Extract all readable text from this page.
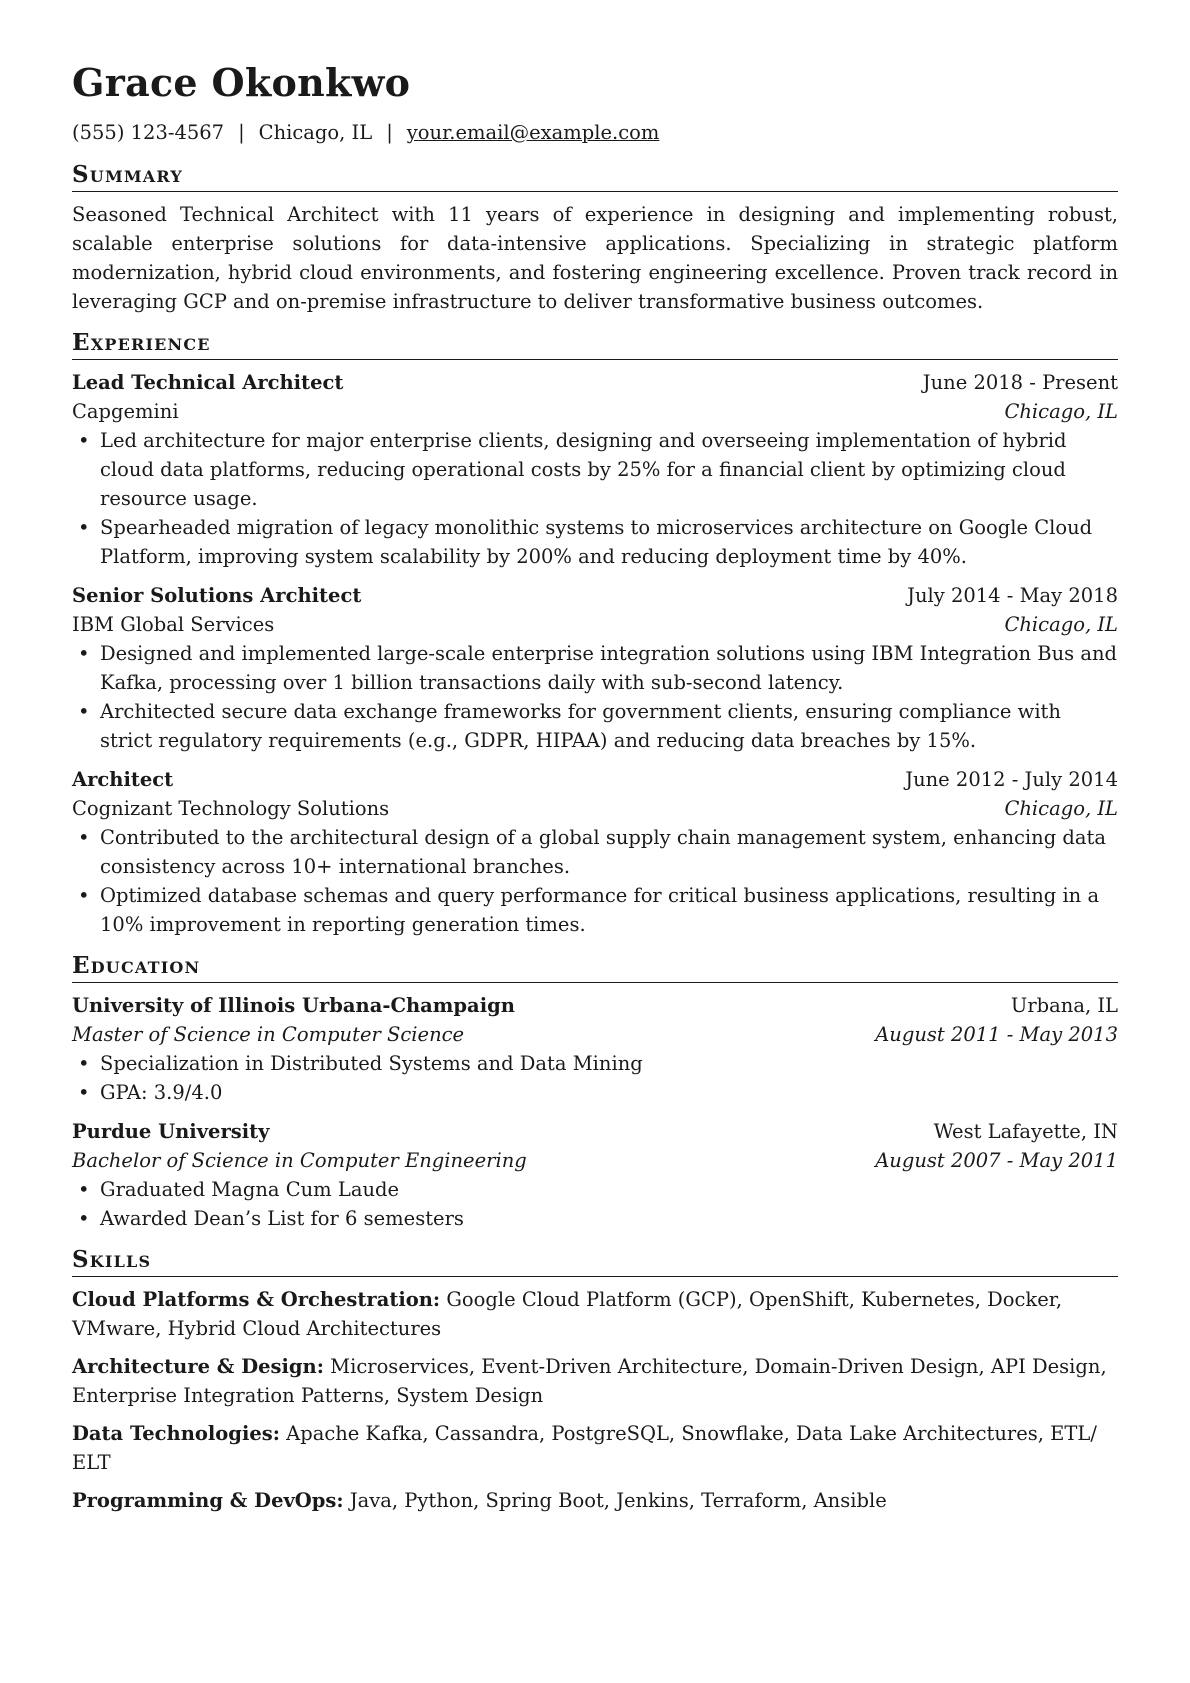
Grace Okonkwo
(555) 123-4567 | Chicago, IL | your.email@example.com
Summary

Seasoned Technical Architect with 11 years of experience in designing and implementing robust, scalable enterprise solutions for data-intensive applications. Specializing in strategic platform modernization, hybrid cloud environments, and fostering engineering excellence. Proven track record in leveraging GCP and on-premise infrastructure to deliver transformative business outcomes.

Experience
Lead Technical Architect	June 2018 - Present
Capgemini	Chicago, IL
• Led architecture for major enterprise clients, designing and overseeing implementation of hybrid cloud data platforms, reducing operational costs by 25% for a financial client by optimizing cloud resource usage.
• Spearheaded migration of legacy monolithic systems to microservices architecture on Google Cloud Platform, improving system scalability by 200% and reducing deployment time by 40%.
Senior Solutions Architect	July 2014 - May 2018
IBM Global Services	Chicago, IL
• Designed and implemented large-scale enterprise integration solutions using IBM Integration Bus and Kafka, processing over 1 billion transactions daily with sub-second latency.
• Architected secure data exchange frameworks for government clients, ensuring compliance with strict regulatory requirements (e.g., GDPR, HIPAA) and reducing data breaches by 15%.
Architect	June 2012 - July 2014
Cognizant Technology Solutions	Chicago, IL
• Contributed to the architectural design of a global supply chain management system, enhancing data consistency across 10+ international branches.
• Optimized database schemas and query performance for critical business applications, resulting in a 10% improvement in reporting generation times.
Education
University of Illinois Urbana-Champaign	Urbana, IL
Master of Science in Computer Science	August 2011 - May 2013
• Specialization in Distributed Systems and Data Mining
• GPA: 3.9/4.0
Purdue University	West Lafayette, IN
Bachelor of Science in Computer Engineering	August 2007 - May 2011
• Graduated Magna Cum Laude
• Awarded Dean’s List for 6 semesters
Skills
Cloud Platforms & Orchestration: Google Cloud Platform (GCP), OpenShift, Kubernetes, Docker, VMware, Hybrid Cloud Architectures
Architecture & Design: Microservices, Event-Driven Architecture, Domain-Driven Design, API Design, Enterprise Integration Patterns, System Design
Data Technologies: Apache Kafka, Cassandra, PostgreSQL, Snowflake, Data Lake Architectures, ETL/ ELT
Programming & DevOps: Java, Python, Spring Boot, Jenkins, Terraform, Ansible
